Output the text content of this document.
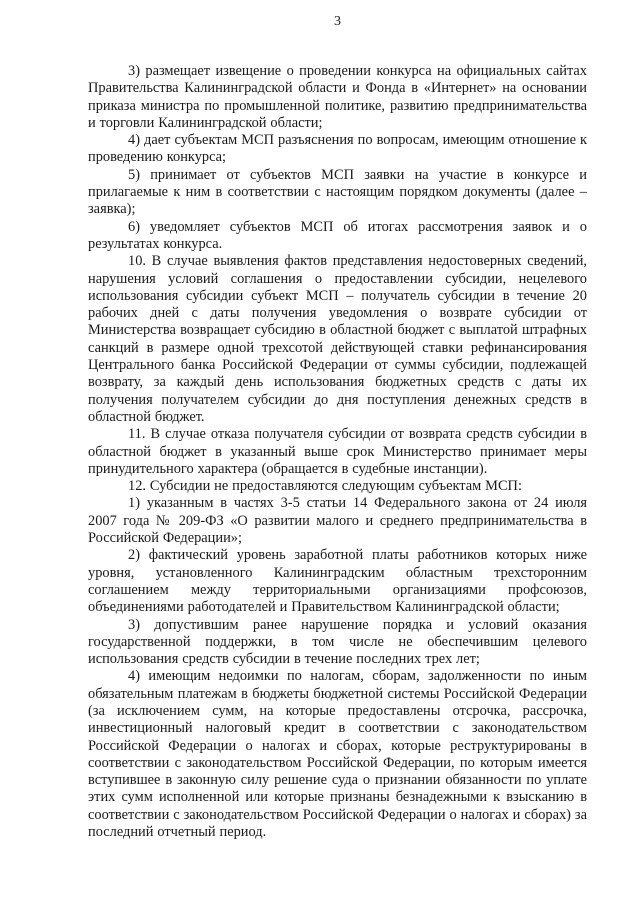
3

3) размещает извещение о проведении конкурса на официальных сайтах Правительства Калининградской области и Фонда в «Интернет» на основании приказа министра по промышленной политике, развитию предпринимательства и торговли Калининградской области;

4) дает субъектам МСП разъяснения по вопросам, имеющим отношение к проведению конкурса;

5) принимает от субъектов МСП заявки на участие в конкурсе и прилагаемые к ним в соответствии с настоящим порядком документы (далее – заявка);

6) уведомляет субъектов МСП об итогах рассмотрения заявок и о результатах конкурса.

10. В случае выявления фактов представления недостоверных сведений, нарушения условий соглашения о предоставлении субсидии, нецелевого использования субсидии субъект МСП – получатель субсидии в течение 20 рабочих дней с даты получения уведомления о возврате субсидии от Министерства возвращает субсидию в областной бюджет с выплатой штрафных санкций в размере одной трехсотой действующей ставки рефинансирования Центрального банка Российской Федерации от суммы субсидии, подлежащей возврату, за каждый день использования бюджетных средств с даты их получения получателем субсидии до дня поступления денежных средств в областной бюджет.

11. В случае отказа получателя субсидии от возврата средств субсидии в областной бюджет в указанный выше срок Министерство принимает меры принудительного характера (обращается в судебные инстанции).

12. Субсидии не предоставляются следующим субъектам МСП:

1) указанным в частях 3-5 статьи 14 Федерального закона от 24 июля 2007 года № 209-ФЗ «О развитии малого и среднего предпринимательства в Российской Федерации»;

2) фактический уровень заработной платы работников которых ниже уровня, установленного Калининградским областным трехсторонним соглашением между территориальными организациями профсоюзов, объединениями работодателей и Правительством Калининградской области;

3) допустившим ранее нарушение порядка и условий оказания государственной поддержки, в том числе не обеспечившим целевого использования средств субсидии в течение последних трех лет;

4) имеющим недоимки по налогам, сборам, задолженности по иным обязательным платежам в бюджеты бюджетной системы Российской Федерации (за исключением сумм, на которые предоставлены отсрочка, рассрочка, инвестиционный налоговый кредит в соответствии с законодательством Российской Федерации о налогах и сборах, которые реструктурированы в соответствии с законодательством Российской Федерации, по которым имеется вступившее в законную силу решение суда о признании обязанности по уплате этих сумм исполненной или которые признаны безнадежными к взысканию в соответствии с законодательством Российской Федерации о налогах и сборах) за последний отчетный период.
